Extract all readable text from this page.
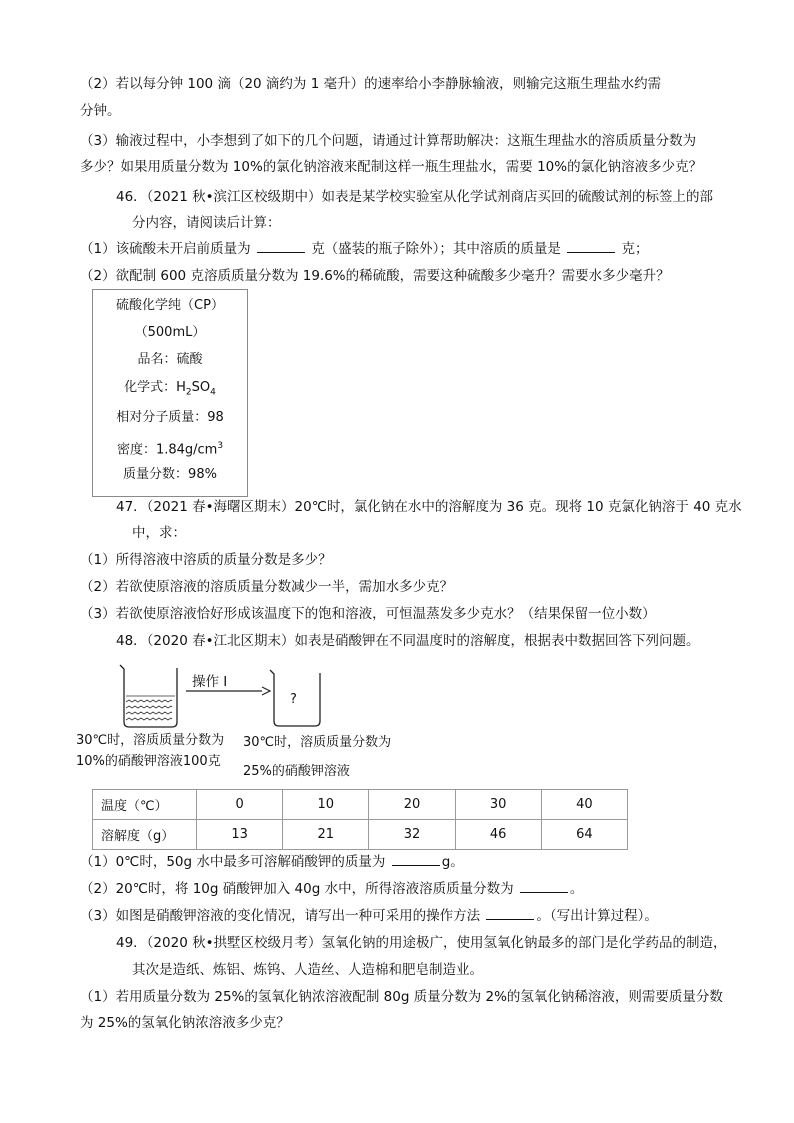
（2）若以每分钟 100 滴（20 滴约为 1 毫升）的速率给小李静脉输液，则输完这瓶生理盐水约需
分钟。
（3）输液过程中，小李想到了如下的几个问题，请通过计算帮助解决：这瓶生理盐水的溶质质量分数为
多少？如果用质量分数为 10%的氯化钠溶液来配制这样一瓶生理盐水，需要 10%的氯化钠溶液多少克？
46．（2021 秋•滨江区校级期中）如表是某学校实验室从化学试剂商店买回的硫酸试剂的标签上的部
分内容，请阅读后计算：
（1）该硫酸未开启前质量为	克（盛装的瓶子除外）；其中溶质的质量是	克；
（2）欲配制 600 克溶质质量分数为 19.6%的稀硫酸，需要这种硫酸多少毫升？需要水多少毫升？
硫酸化学纯（CP）
（500mL）
品名：硫酸
化学式：$H_2SO_4$
相对分子质量：98
密度：$1.84g/cm^3$
质量分数：98%
47．（2021 春•海曙区期末）20℃时，氯化钠在水中的溶解度为 36 克。现将 10 克氯化钠溶于 40 克水
中，求：
（1）所得溶液中溶质的质量分数是多少？
（2）若欲使原溶液的溶质质量分数减少一半，需加水多少克？
（3）若欲使原溶液恰好形成该温度下的饱和溶液，可恒温蒸发多少克水？（结果保留一位小数）
48．（2020 春•江北区期末）如表是硝酸钾在不同温度时的溶解度，根据表中数据回答下列问题。
操作 I
?
30℃时，溶质质量分数为
10%的硝酸钾溶液100克
30℃时，溶质质量分数为
25%的硝酸钾溶液
温度（℃）	0	10	20	30	40
溶解度（g）	13	21	32	46	64
（1）0℃时，50g 水中最多可溶解硝酸钾的质量为	g。
（2）20℃时，将 10g 硝酸钾加入 40g 水中，所得溶液溶质质量分数为	。
（3）如图是硝酸钾溶液的变化情况，请写出一种可采用的操作方法	。（写出计算过程）。
49．（2020 秋•拱墅区校级月考）氢氧化钠的用途极广，使用氢氧化钠最多的部门是化学药品的制造，
其次是造纸、炼铝、炼钨、人造丝、人造棉和肥皂制造业。
（1）若用质量分数为 25%的氢氧化钠浓溶液配制 80g 质量分数为 2%的氢氧化钠稀溶液，则需要质量分数
为 25%的氢氧化钠浓溶液多少克？
